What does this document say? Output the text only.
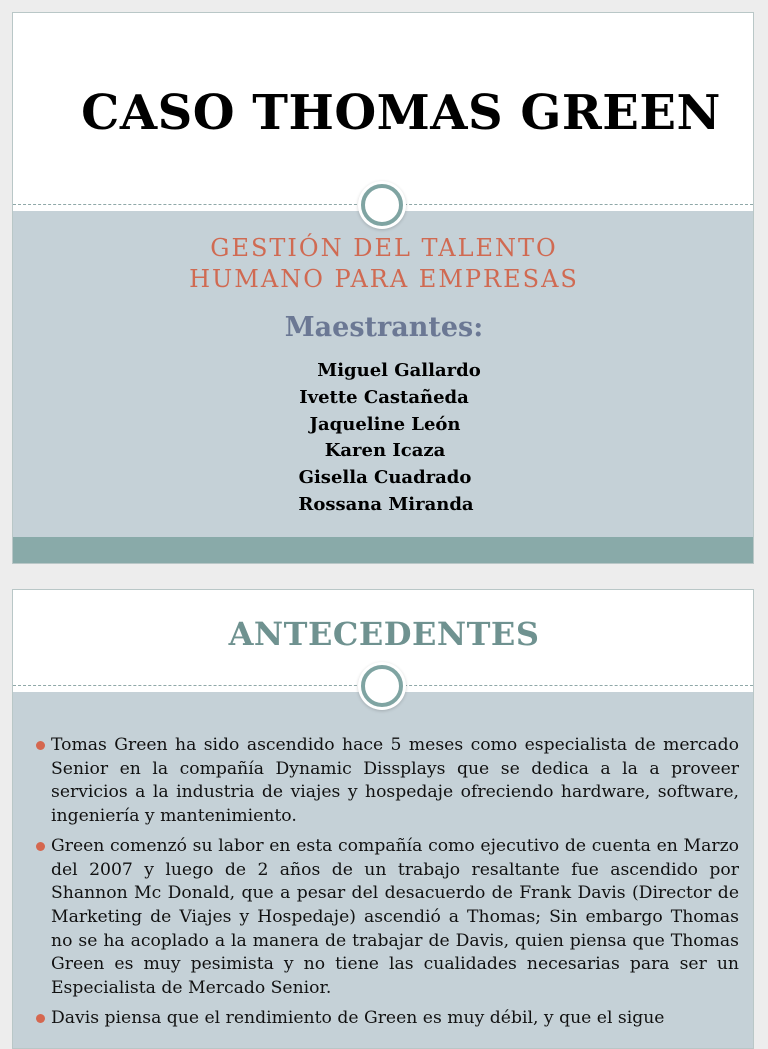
CASO THOMAS GREEN
GESTIÓN DEL TALENTO
HUMANO PARA EMPRESAS
Maestrantes:
Miguel Gallardo
Ivette Castañeda
Jaqueline León
Karen Icaza
Gisella Cuadrado
Rossana Miranda
ANTECEDENTES
Tomas Green ha sido ascendido hace 5 meses como especialista de mercado Senior en la compañía Dynamic Dissplays que se dedica a la a proveer servicios a la industria de viajes y hospedaje ofreciendo hardware, software, ingeniería y mantenimiento.
Green comenzó su labor en esta compañía como ejecutivo de cuenta en Marzo del 2007 y luego de 2 años de un trabajo resaltante fue ascendido por Shannon Mc Donald, que a pesar del desacuerdo de Frank Davis (Director de Marketing de Viajes y Hospedaje) ascendió a Thomas; Sin embargo Thomas no se ha acoplado a la manera de trabajar de Davis, quien piensa que Thomas Green es muy pesimista y no tiene las cualidades necesarias para ser un Especialista de Mercado Senior.
Davis piensa que el rendimiento de Green es muy débil, y que el sigue
